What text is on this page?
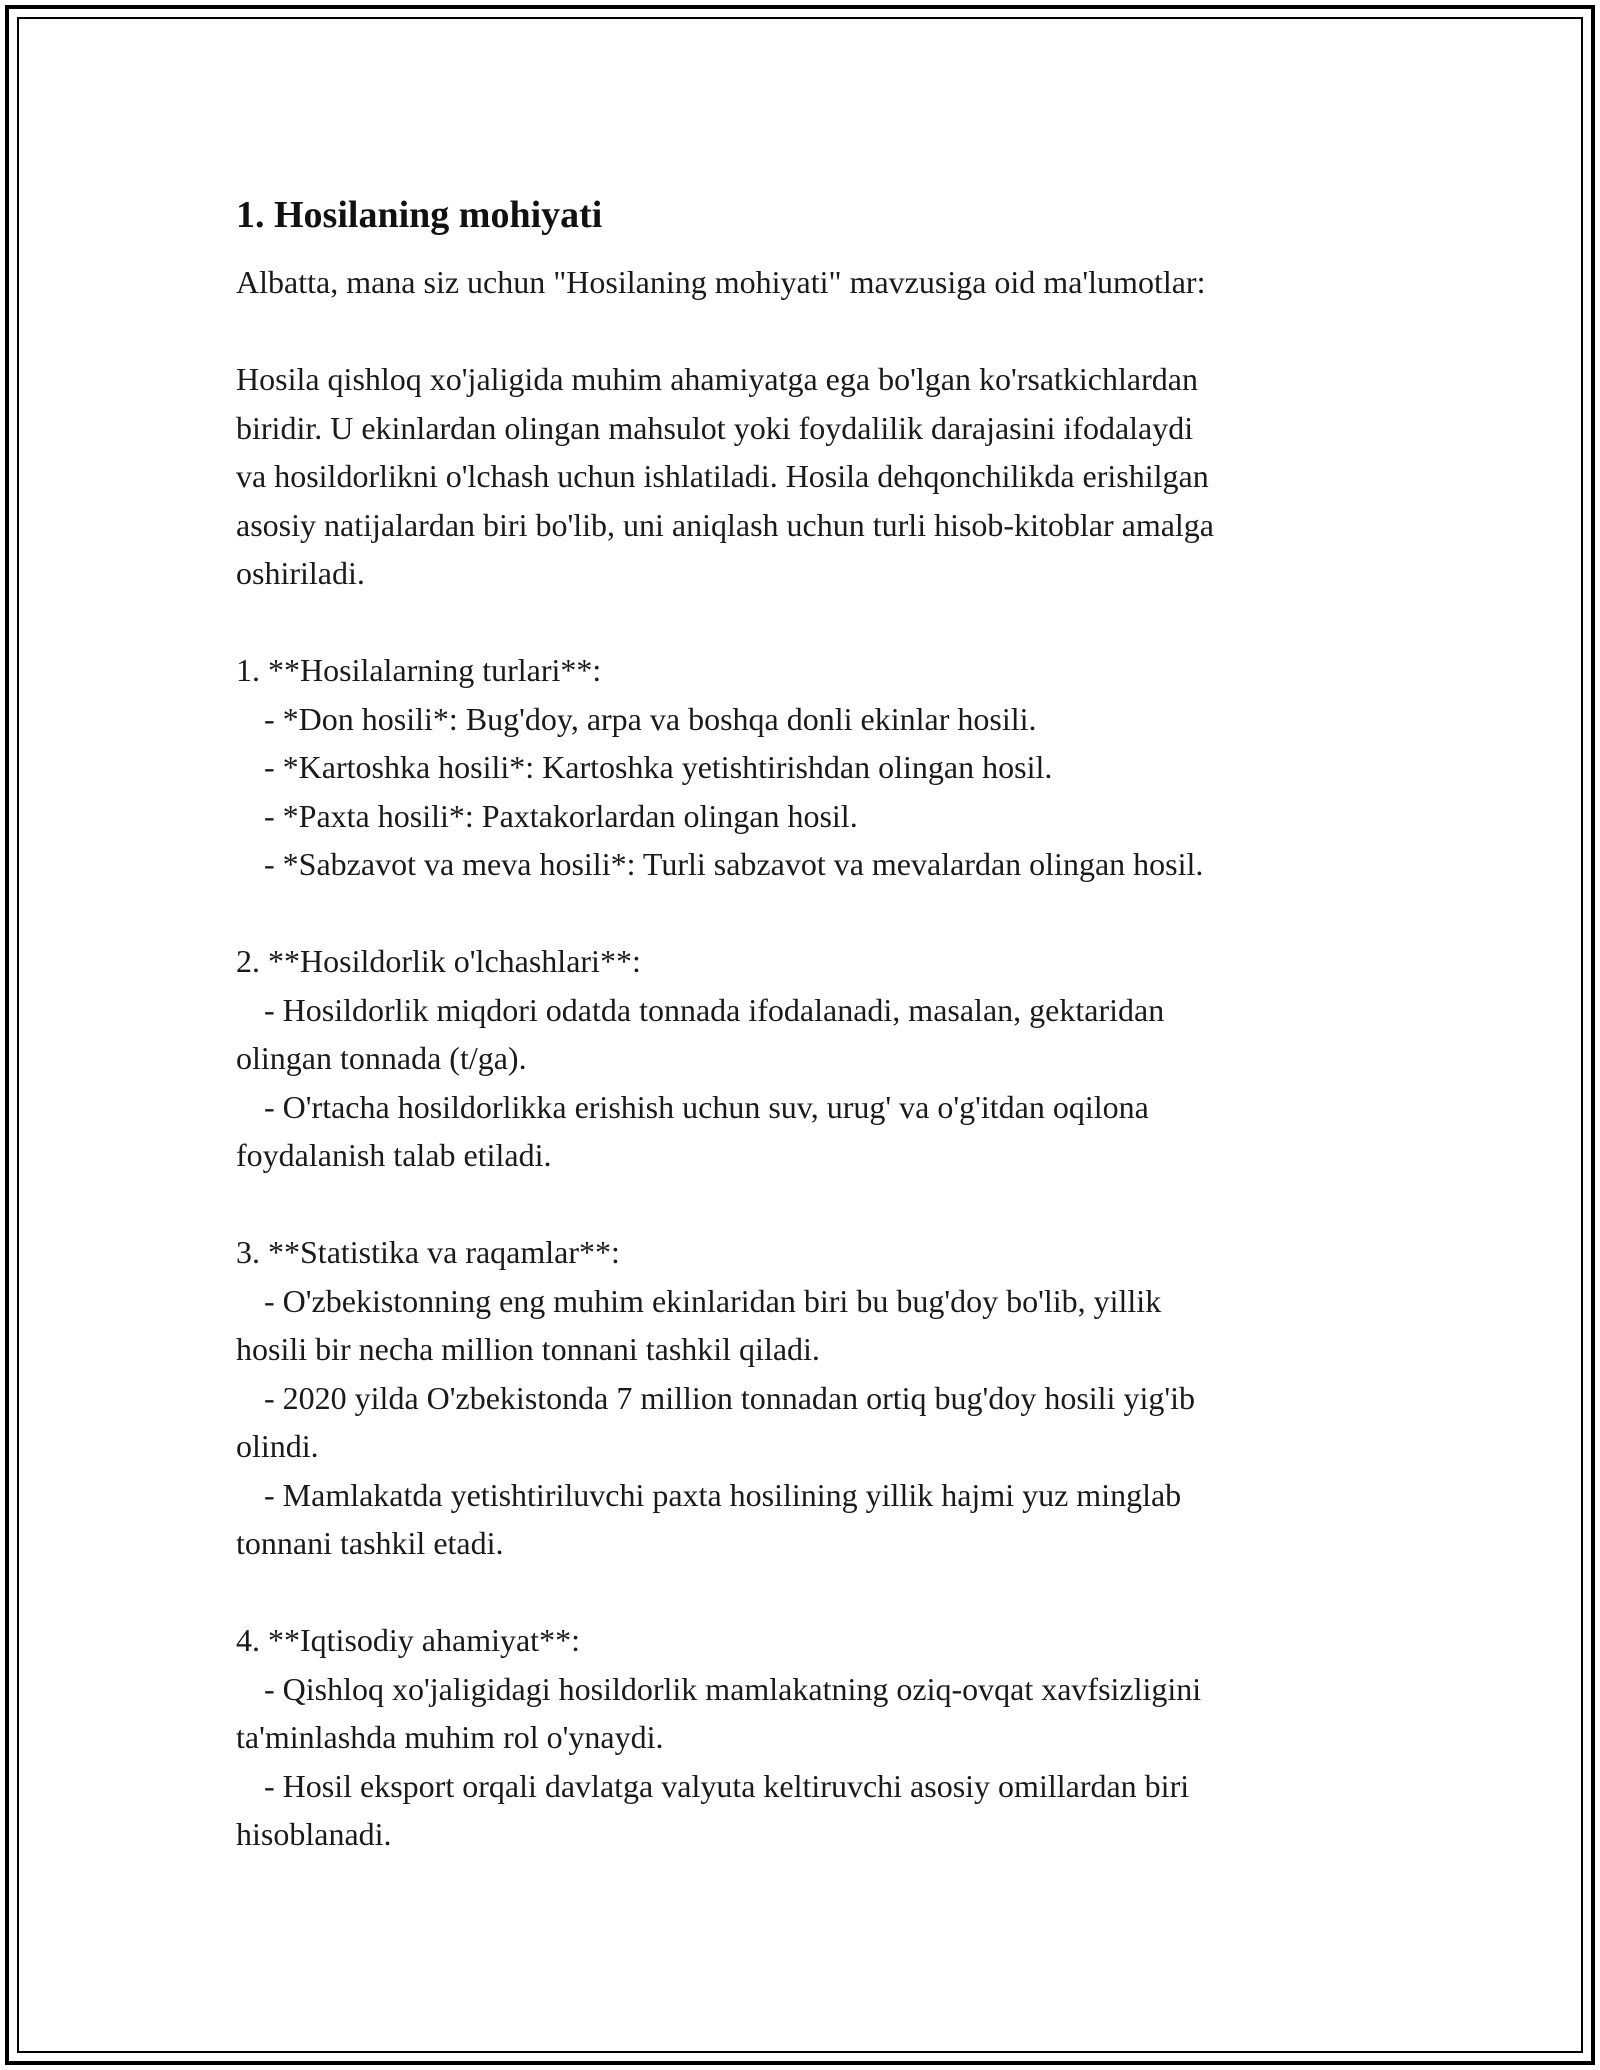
1. Hosilaning mohiyati

Albatta, mana siz uchun "Hosilaning mohiyati" mavzusiga oid ma'lumotlar:

Hosila qishloq xo'jaligida muhim ahamiyatga ega bo'lgan ko'rsatkichlardan
biridir. U ekinlardan olingan mahsulot yoki foydalilik darajasini ifodalaydi
va hosildorlikni o'lchash uchun ishlatiladi. Hosila dehqonchilikda erishilgan
asosiy natijalardan biri bo'lib, uni aniqlash uchun turli hisob-kitoblar amalga
oshiriladi.
1. **Hosilalarning turlari**:
- *Don hosili*: Bug'doy, arpa va boshqa donli ekinlar hosili.
- *Kartoshka hosili*: Kartoshka yetishtirishdan olingan hosil.
- *Paxta hosili*: Paxtakorlardan olingan hosil.
- *Sabzavot va meva hosili*: Turli sabzavot va mevalardan olingan hosil.
2. **Hosildorlik o'lchashlari**:
- Hosildorlik miqdori odatda tonnada ifodalanadi, masalan, gektaridan
olingan tonnada (t/ga).
- O'rtacha hosildorlikka erishish uchun suv, urug' va o'g'itdan oqilona
foydalanish talab etiladi.
3. **Statistika va raqamlar**:
- O'zbekistonning eng muhim ekinlaridan biri bu bug'doy bo'lib, yillik
hosili bir necha million tonnani tashkil qiladi.
- 2020 yilda O'zbekistonda 7 million tonnadan ortiq bug'doy hosili yig'ib
olindi.
- Mamlakatda yetishtiriluvchi paxta hosilining yillik hajmi yuz minglab
tonnani tashkil etadi.
4. **Iqtisodiy ahamiyat**:
- Qishloq xo'jaligidagi hosildorlik mamlakatning oziq-ovqat xavfsizligini
ta'minlashda muhim rol o'ynaydi.
- Hosil eksport orqali davlatga valyuta keltiruvchi asosiy omillardan biri
hisoblanadi.
